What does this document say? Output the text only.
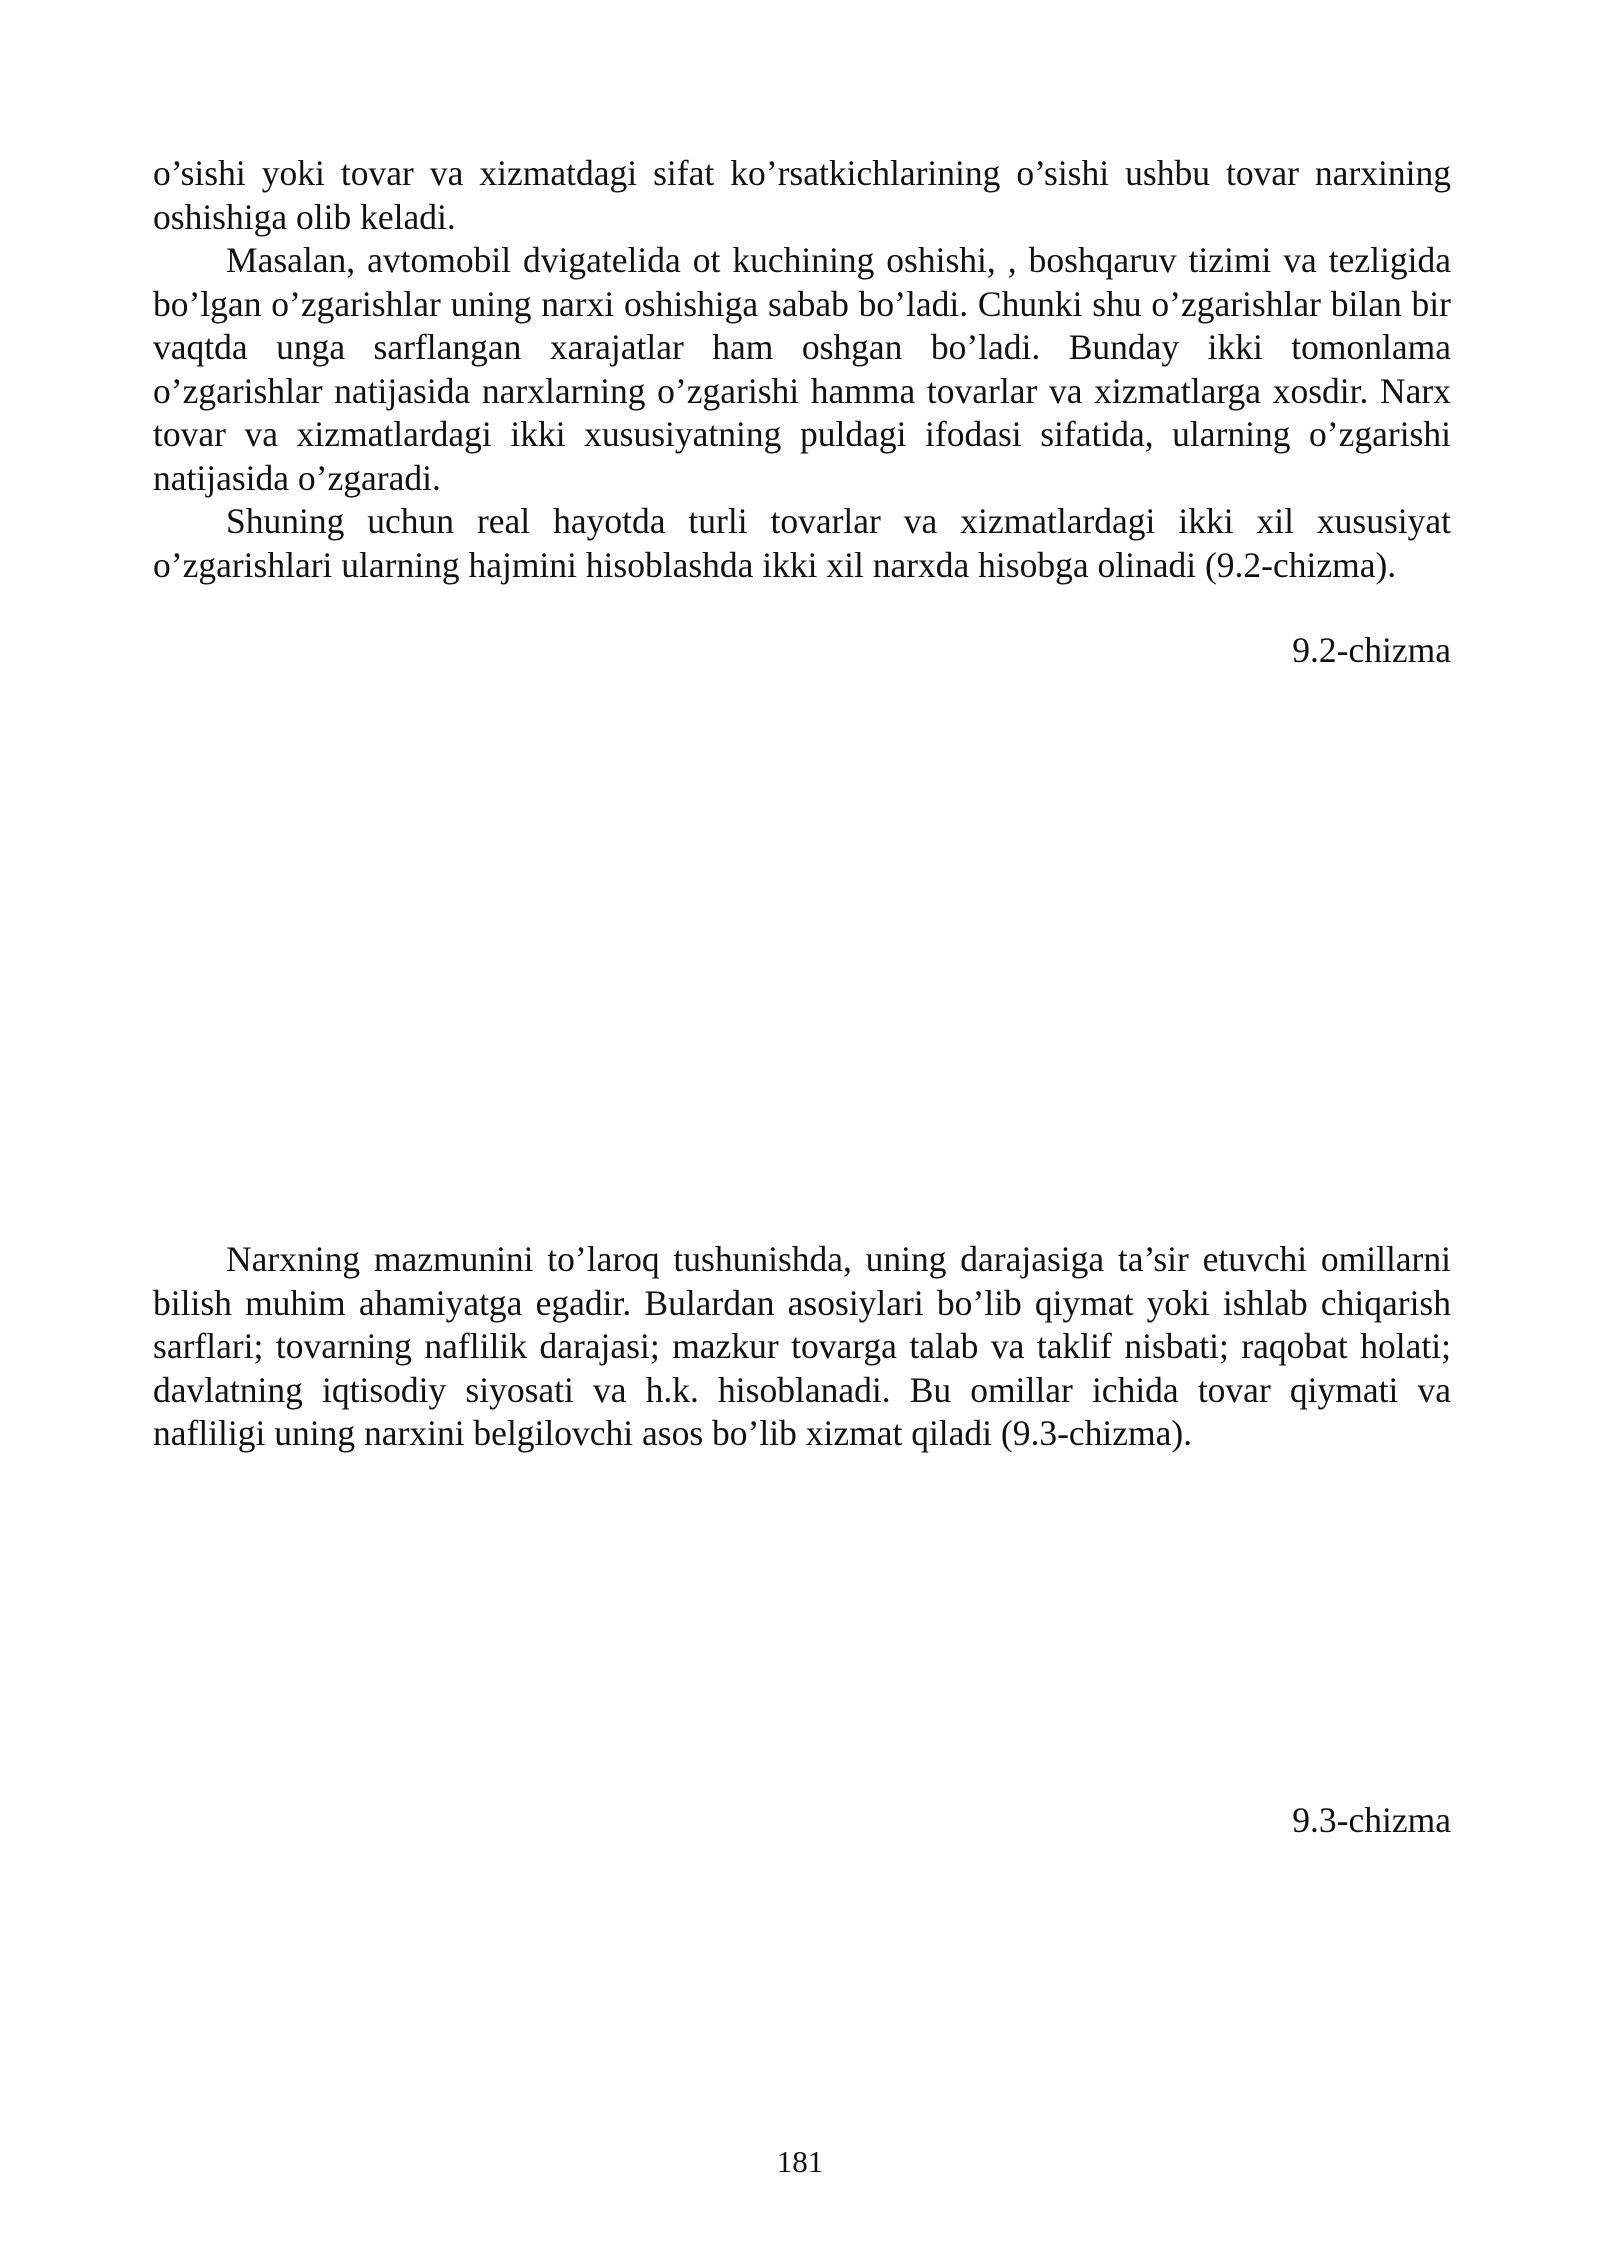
o’sishi yoki tovar va xizmatdagi sifat ko’rsatkichlarining o’sishi ushbu tovar narxining oshishiga olib keladi.

Masalan, avtomobil dvigatelida ot kuchining oshishi, , boshqaruv tizimi va tezligida bo’lgan o’zgarishlar uning narxi oshishiga sabab bo’ladi. Chunki shu o’zgarishlar bilan bir vaqtda unga sarflangan xarajatlar ham oshgan bo’ladi. Bunday ikki tomonlama o’zgarishlar natijasida narxlarning o’zgarishi hamma tovarlar va xizmatlarga xosdir. Narx tovar va xizmatlardagi ikki xususiyatning puldagi ifodasi sifatida, ularning o’zgarishi natijasida o’zgaradi.

Shuning uchun real hayotda turli tovarlar va xizmatlardagi ikki xil xususiyat o’zgarishlari ularning hajmini hisoblashda ikki xil narxda hisobga olinadi (9.2-chizma).

9.2-chizma

Narxning mazmunini to’laroq tushunishda, uning darajasiga ta’sir etuvchi omillarni bilish muhim ahamiyatga egadir. Bulardan asosiylari bo’lib qiymat yoki ishlab chiqarish sarflari; tovarning naflilik darajasi; mazkur tovarga talab va taklif nisbati; raqobat holati; davlatning iqtisodiy siyosati va h.k. hisoblanadi. Bu omillar ichida tovar qiymati va nafliligi uning narxini belgilovchi asos bo’lib xizmat qiladi (9.3-chizma).

9.3-chizma
181
